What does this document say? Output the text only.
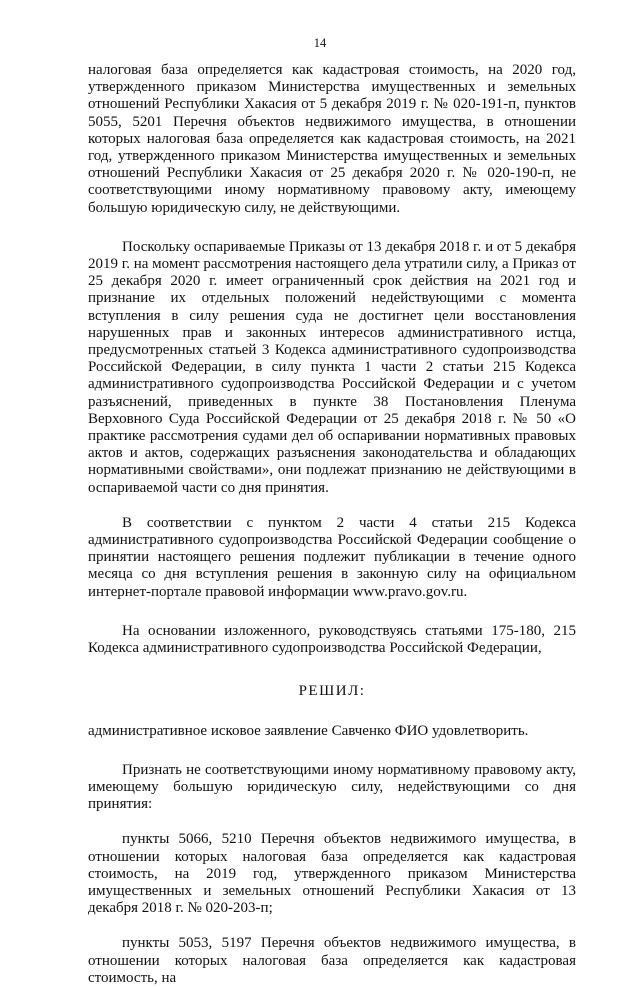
14

налоговая база определяется как кадастровая стоимость, на 2020 год, утвержденного приказом Министерства имущественных и земельных отношений Республики Хакасия от 5 декабря 2019 г. № 020-191-п, пунктов 5055, 5201 Перечня объектов недвижимого имущества, в отношении которых налоговая база определяется как кадастровая стоимость, на 2021 год, утвержденного приказом Министерства имущественных и земельных отношений Республики Хакасия от 25 декабря 2020 г. № 020-190-п, не соответствующими иному нормативному правовому акту, имеющему большую юридическую силу, не действующими.

Поскольку оспариваемые Приказы от 13 декабря 2018 г. и от 5 декабря 2019 г. на момент рассмотрения настоящего дела утратили силу, а Приказ от 25 декабря 2020 г. имеет ограниченный срок действия на 2021 год и признание их отдельных положений недействующими с момента вступления в силу решения суда не достигнет цели восстановления нарушенных прав и законных интересов административного истца, предусмотренных статьей 3 Кодекса административного судопроизводства Российской Федерации, в силу пункта 1 части 2 статьи 215 Кодекса административного судопроизводства Российской Федерации и с учетом разъяснений, приведенных в пункте 38 Постановления Пленума Верховного Суда Российской Федерации от 25 декабря 2018 г. № 50 «О практике рассмотрения судами дел об оспаривании нормативных правовых актов и актов, содержащих разъяснения законодательства и обладающих нормативными свойствами», они подлежат признанию не действующими в оспариваемой части со дня принятия.

В соответствии с пунктом 2 части 4 статьи 215 Кодекса административного судопроизводства Российской Федерации сообщение о принятии настоящего решения подлежит публикации в течение одного месяца со дня вступления решения в законную силу на официальном интернет-портале правовой информации www.pravo.gov.ru.

На основании изложенного, руководствуясь статьями 175-180, 215 Кодекса административного судопроизводства Российской Федерации,

РЕШИЛ:

административное исковое заявление Савченко ФИО удовлетворить.

Признать не соответствующими иному нормативному правовому акту, имеющему большую юридическую силу, недействующими со дня принятия:

пункты 5066, 5210 Перечня объектов недвижимого имущества, в отношении которых налоговая база определяется как кадастровая стоимость, на 2019 год, утвержденного приказом Министерства имущественных и земельных отношений Республики Хакасия от 13 декабря 2018 г. № 020-203-п;

пункты 5053, 5197 Перечня объектов недвижимого имущества, в отношении которых налоговая база определяется как кадастровая стоимость, на
